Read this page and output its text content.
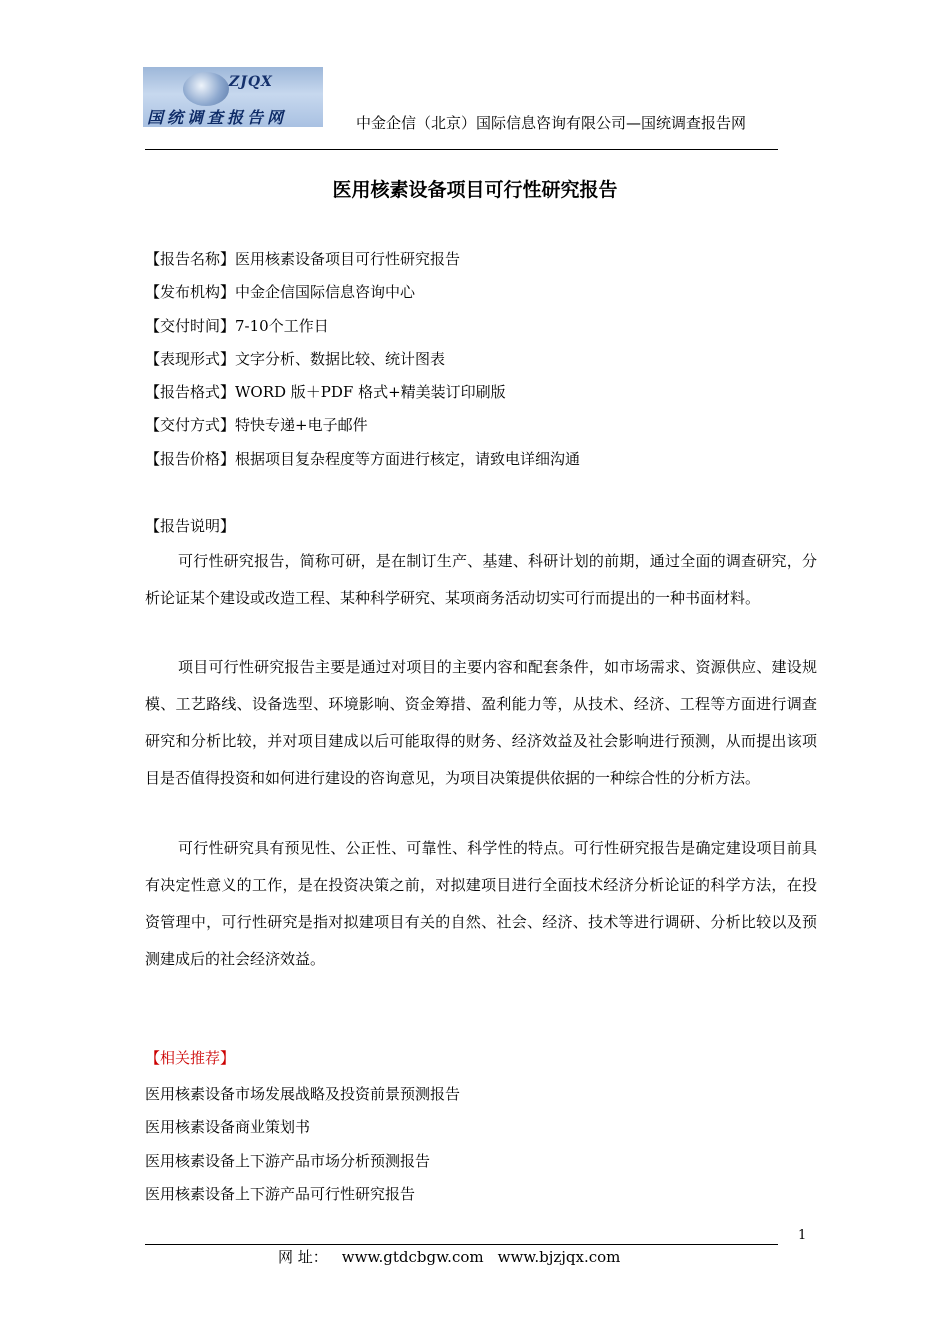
ZJQX
国统调查报告网	中金企信（北京）国际信息咨询有限公司—国统调查报告网
医用核素设备项目可行性研究报告
【报告名称】医用核素设备项目可行性研究报告
【发布机构】中金企信国际信息咨询中心
【交付时间】7-10个工作日
【表现形式】文字分析、数据比较、统计图表
【报告格式】WORD 版＋PDF 格式+精美装订印刷版
【交付方式】特快专递+电子邮件
【报告价格】根据项目复杂程度等方面进行核定，请致电详细沟通
【报告说明】

可行性研究报告，简称可研，是在制订生产、基建、科研计划的前期，通过全面的调查研究，分析论证某个建设或改造工程、某种科学研究、某项商务活动切实可行而提出的一种书面材料。

项目可行性研究报告主要是通过对项目的主要内容和配套条件，如市场需求、资源供应、建设规模、工艺路线、设备选型、环境影响、资金筹措、盈利能力等，从技术、经济、工程等方面进行调查研究和分析比较，并对项目建成以后可能取得的财务、经济效益及社会影响进行预测，从而提出该项目是否值得投资和如何进行建设的咨询意见，为项目决策提供依据的一种综合性的分析方法。

可行性研究具有预见性、公正性、可靠性、科学性的特点。可行性研究报告是确定建设项目前具有决定性意义的工作，是在投资决策之前，对拟建项目进行全面技术经济分析论证的科学方法，在投资管理中，可行性研究是指对拟建项目有关的自然、社会、经济、技术等进行调研、分析比较以及预测建成后的社会经济效益。

【相关推荐】
医用核素设备市场发展战略及投资前景预测报告
医用核素设备商业策划书
医用核素设备上下游产品市场分析预测报告
医用核素设备上下游产品可行性研究报告
1
网 址： www.gtdcbgw.com www.bjzjqx.com
